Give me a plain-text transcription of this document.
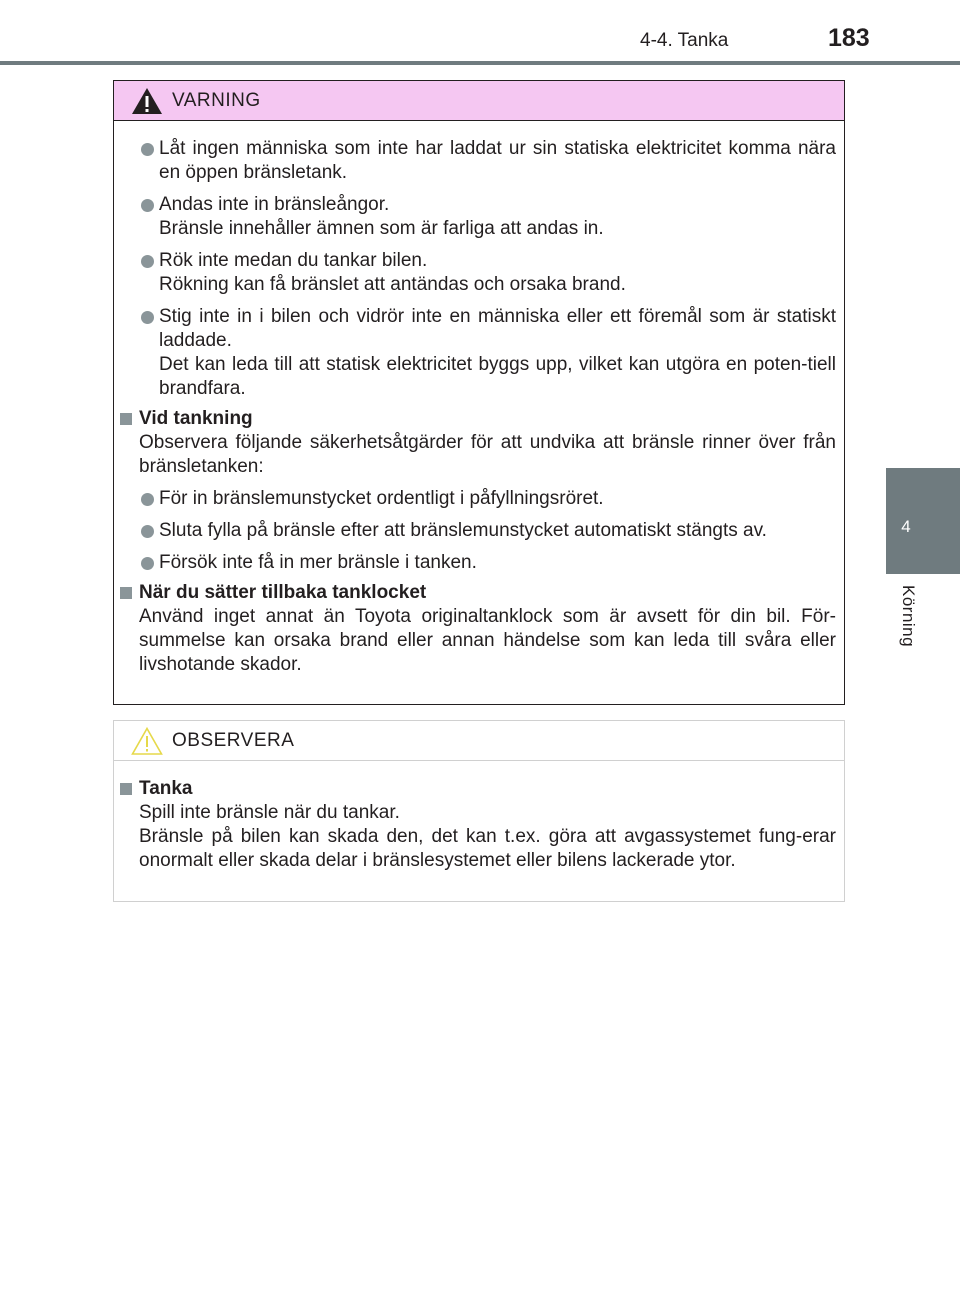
4-4. Tanka	183
4
Körning
VARNING

Låt ingen människa som inte har laddat ur sin statiska elektricitet komma nära en öppen bränsletank.

Andas inte in bränsleångor.

Bränsle innehåller ämnen som är farliga att andas in.

Rök inte medan du tankar bilen.

Rökning kan få bränslet att antändas och orsaka brand.

Stig inte in i bilen och vidrör inte en människa eller ett föremål som är statiskt laddade.

Det kan leda till att statisk elektricitet byggs upp, vilket kan utgöra en poten-tiell brandfara.

Vid tankning

Observera följande säkerhetsåtgärder för att undvika att bränsle rinner över från bränsletanken:

För in bränslemunstycket ordentligt i påfyllningsröret.

Sluta fylla på bränsle efter att bränslemunstycket automatiskt stängts av.

Försök inte få in mer bränsle i tanken.

När du sätter tillbaka tanklocket

Använd inget annat än Toyota originaltanklock som är avsett för din bil. För-summelse kan orsaka brand eller annan händelse som kan leda till svåra eller livshotande skador.

OBSERVERA
Tanka

Spill inte bränsle när du tankar.

Bränsle på bilen kan skada den, det kan t.ex. göra att avgassystemet fung-erar onormalt eller skada delar i bränslesystemet eller bilens lackerade ytor.
